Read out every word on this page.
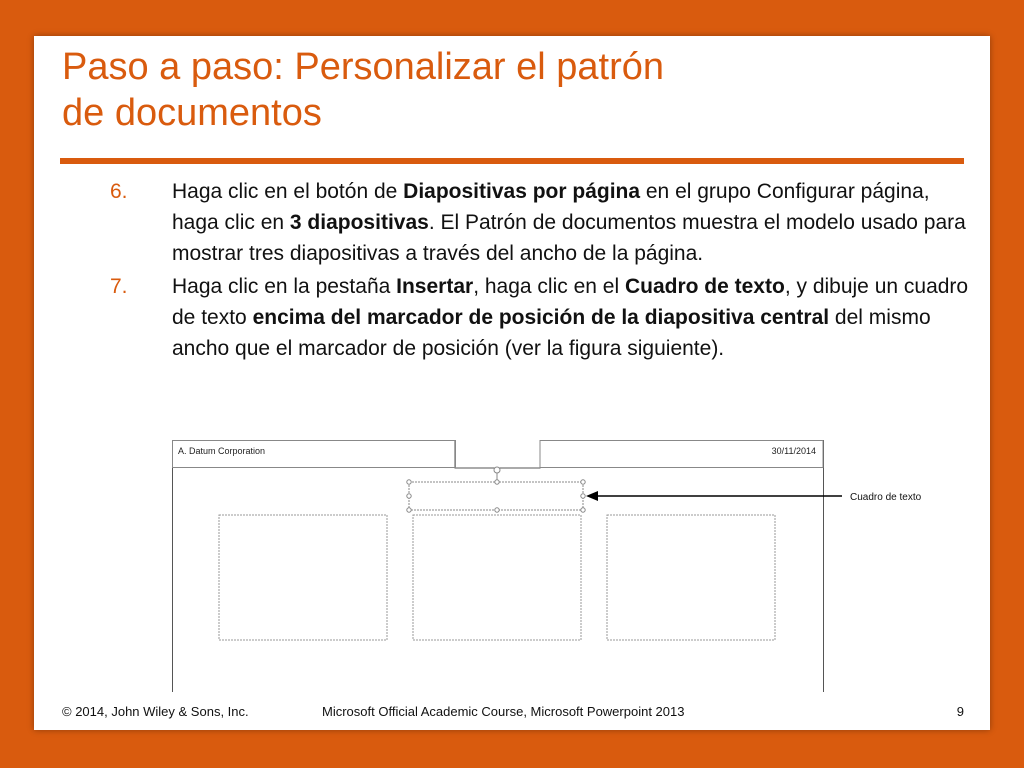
Paso a paso: Personalizar el patrón
de documentos
6. Haga clic en el botón de Diapositivas por página en el grupo Configurar página, haga clic en 3 diapositivas. El Patrón de documentos muestra el modelo usado para mostrar tres diapositivas a través del ancho de la página.
7. Haga clic en la pestaña Insertar, haga clic en el Cuadro de texto, y dibuje un cuadro de texto encima del marcador de posición de la diapositiva central del mismo ancho que el marcador de posición (ver la figura siguiente).
A. Datum Corporation	30/11/2014
Cuadro de texto
© 2014, John Wiley & Sons, Inc.	Microsoft Official Academic Course, Microsoft Powerpoint 2013	9
